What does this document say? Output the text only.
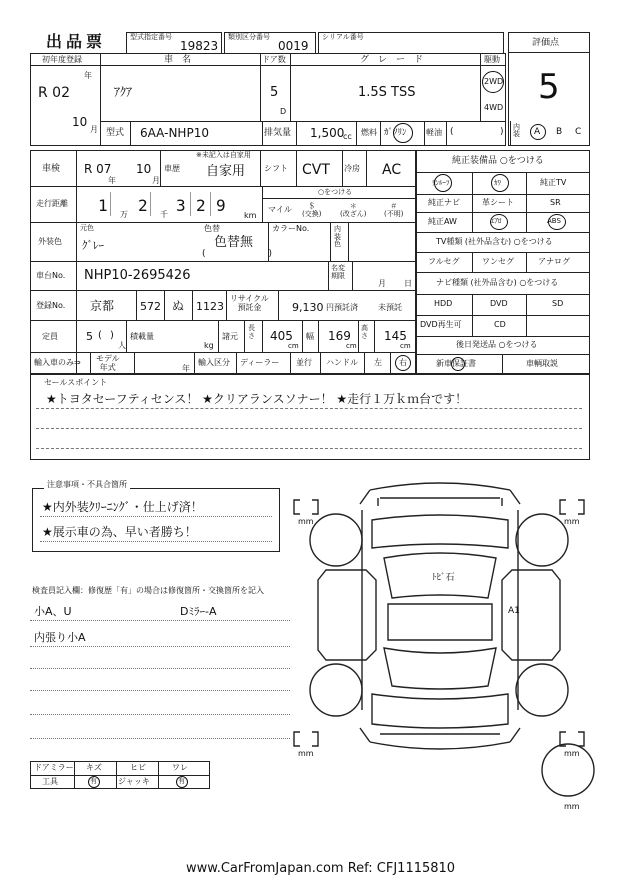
出品票	型式指定番号
19823
類別区分番号
0019
シリアル番号
評価点
5
初年度登録	車　名	ドア数	グ　レ　ー　ド	駆動
年
R 02
10
月
ｱｸｱ	5
D
1.5S TSS
2WD
4WD
型式 6AA-NHP10	排気量 1,500
cc 燃料 ｶﾞｿﾘﾝ 軽油 (	) 内装	A B C
車検 R 07
年
10
月
車歴
※未記入は自家用
自家用 シフト CVT 冷房 AC
走行距離 1 万 2 千 3 2 9
km
○をつける
マイル	＄
(交換)
＊
(改ざん)
＃
(不明)
外装色
元色
ｸﾞﾚｰ
色替
色替無
(　　　　　　　)
カラーNo.	内
装
色
車台No. NHP10-2695426	名変
期限
月 日
登録No. 京都 572 ぬ 1123
リサイクル
預託金	9,130 円預託済	未預託
定員	5 ( )
人
積載量
kg
諸元
長
さ 405
cm
幅 169
cm
高
さ 145
cm
輸入車のみ⇒ モデル
年式	年
輸入区分 ディーラー 並行 ハンドル 左 右
純正装備品 ○をつける
ｻﾝﾙｰﾌ	ｶﾜ	純正TV
純正ナビ	革シート	SR
純正AW	ｴｱﾛ	ABS
TV種類 (社外品含む) ○をつける
フルセグ	ワンセグ	アナログ
ナビ種類 (社外品含む) ○をつける
HDD	DVD	SD
DVD再生可	CD
後日発送品 ○をつける
新車保証書	車輌取説
セールスポイント
★トヨタセーフティセンス！ ★クリアランスソナー！ ★走行１万ｋｍ台です！
注意事項・不具合箇所
★内外装ｸﾘｰﾆﾝｸﾞ・仕上げ済！
★展示車の為、早い者勝ち！
検査員記入欄：修復歴「有」の場合は修復箇所・交換箇所を記入
小A、U	Dﾐﾗｰ-A
内張り小A
ドアミラー キズ	ヒビ	ワレ
工具	有	ジャッキ	有
mm	mm
mm	mm
mm
ﾄﾋﾞ石
A1
www.CarFromJapan.com Ref: CFJ1115810
